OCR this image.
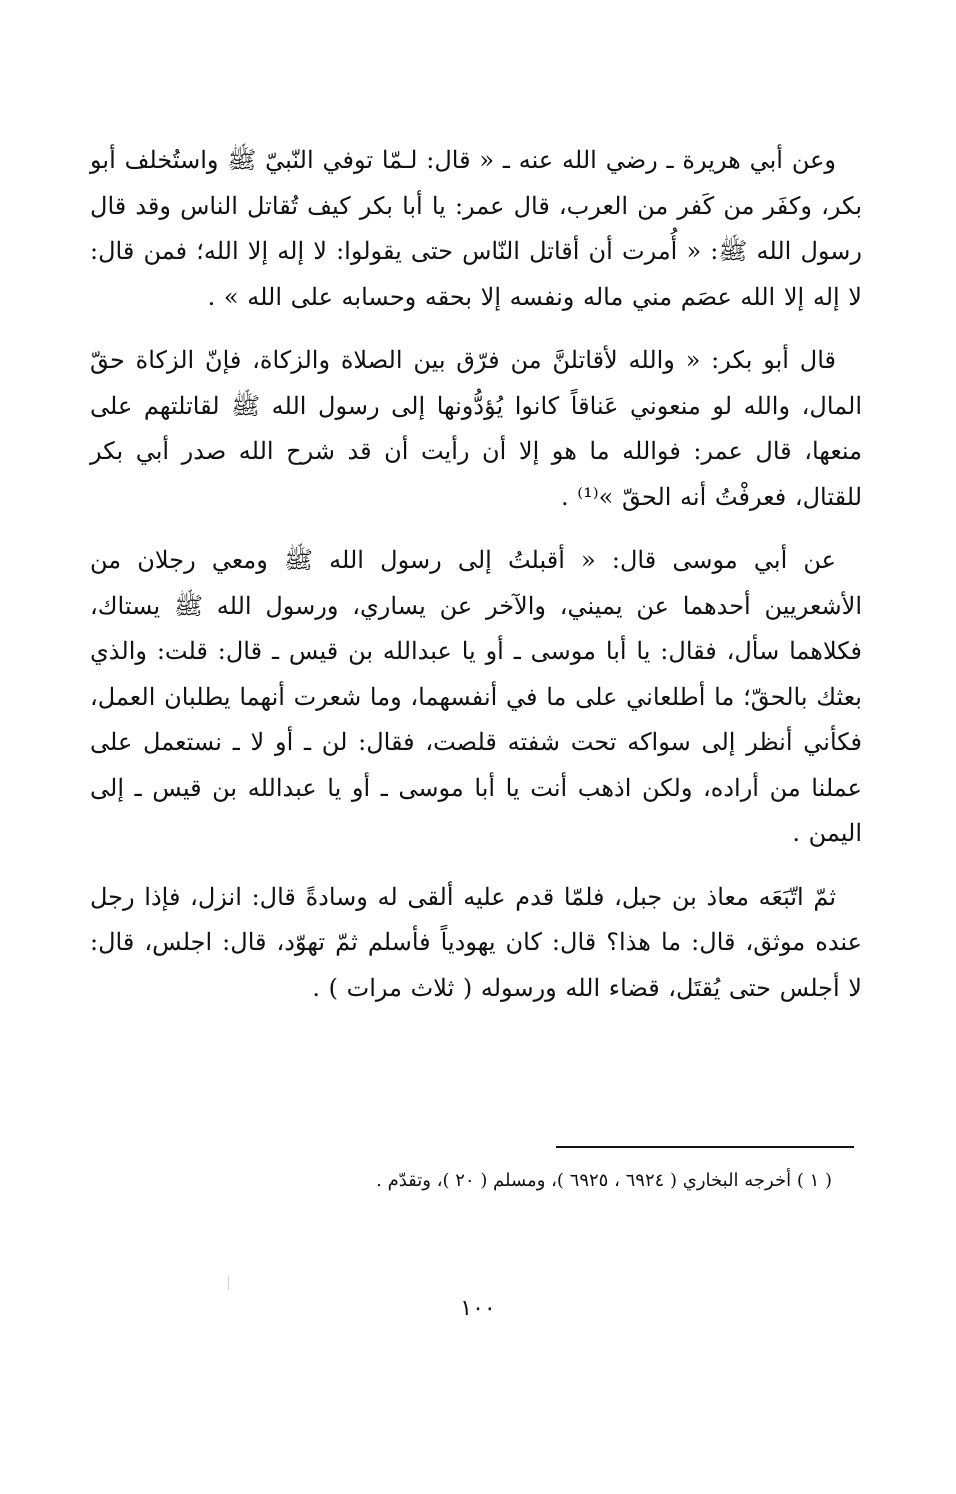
وعن أبي هريرة ـ رضي الله عنه ـ « قال: لـمّا توفي النّبيّ ﷺ واستُخلف أبو بكر، وكفَر من كَفر من العرب، قال عمر: يا أبا بكر كيف تُقاتل الناس وقد قال رسول الله ﷺ: « أُمرت أن أقاتل النّاس حتى يقولوا: لا إله إلا الله؛ فمن قال: لا إله إلا الله عصَم مني ماله ونفسه إلا بحقه وحسابه على الله » .

قال أبو بكر: « والله لأقاتلنَّ من فرّق بين الصلاة والزكاة، فإنّ الزكاة حقّ المال، والله لو منعوني عَناقاً كانوا يُؤدُّونها إلى رسول الله ﷺ لقاتلتهم على منعها، قال عمر: فوالله ما هو إلا أن رأيت أن قد شرح الله صدر أبي بكر للقتال، فعرفْتُ أنه الحقّ »⁽¹⁾ .

عن أبي موسى قال: « أقبلتُ إلى رسول الله ﷺ ومعي رجلان من الأشعريين أحدهما عن يميني، والآخر عن يساري، ورسول الله ﷺ يستاك، فكلاهما سأل، فقال: يا أبا موسى ـ أو يا عبدالله بن قيس ـ قال: قلت: والذي بعثك بالحقّ؛ ما أطلعاني على ما في أنفسهما، وما شعرت أنهما يطلبان العمل، فكأني أنظر إلى سواكه تحت شفته قلصت، فقال: لن ـ أو لا ـ نستعمل على عملنا من أراده، ولكن اذهب أنت يا أبا موسى ـ أو يا عبدالله بن قيس ـ إلى اليمن .

ثمّ اتّبَعَه معاذ بن جبل، فلمّا قدم عليه ألقى له وسادةً قال: انزل، فإذا رجل عنده موثق، قال: ما هذا؟ قال: كان يهودياً فأسلم ثمّ تهوّد، قال: اجلس، قال: لا أجلس حتى يُقتَل، قضاء الله ورسوله ( ثلاث مرات ) .

( ١ ) أخرجه البخاري ( ٦٩٢٤ ، ٦٩٢٥ )، ومسلم ( ٢٠ )، وتقدّم .
١٠٠
